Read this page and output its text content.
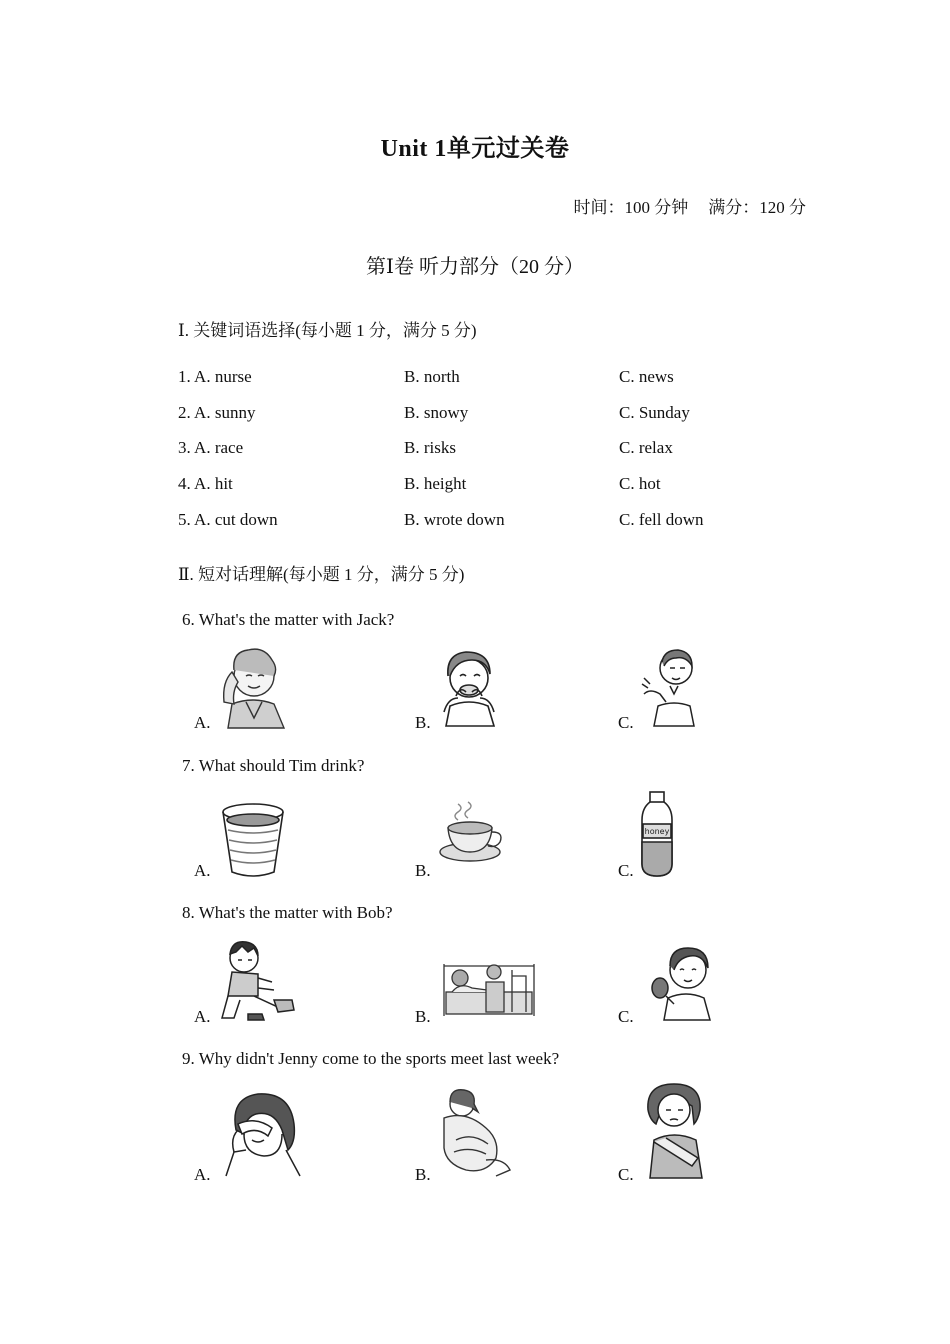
Unit 1单元过关卷
时间：100 分钟 满分：120 分
第Ⅰ卷 听力部分（20 分）
Ⅰ. 关键词语选择(每小题 1 分，满分 5 分)
1. A. nurse	B. north	C. news
2. A. sunny	B. snowy	C. Sunday
3. A. race	B. risks	C. relax
4. A. hit	B. height	C. hot
5. A. cut down	B. wrote down	C. fell down
Ⅱ. 短对话理解(每小题 1 分，满分 5 分)
6. What's the matter with Jack?
A.	B.	C.
7. What should Tim drink?
A.	B.	C.
honey
8. What's the matter with Bob?
A.	B.	C.
9. Why didn't Jenny come to the sports meet last week?
A.	B.	C.
